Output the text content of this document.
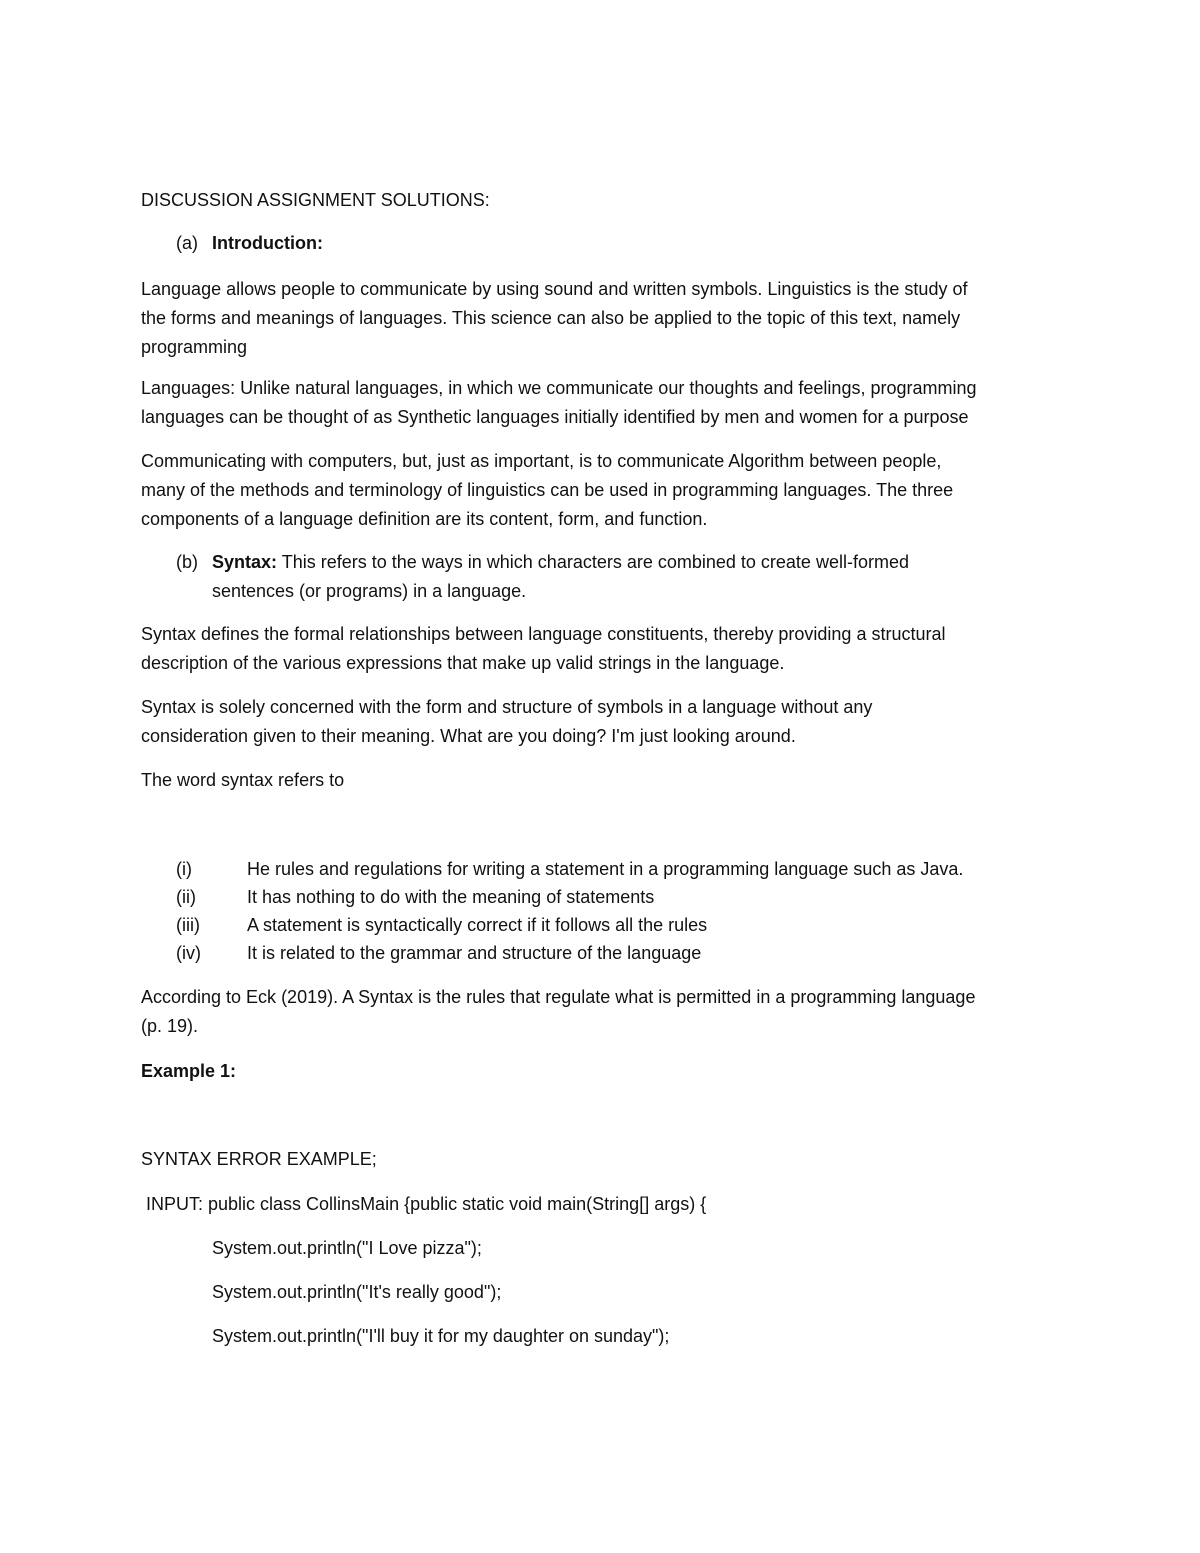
DISCUSSION ASSIGNMENT SOLUTIONS:
(a) Introduction:
Language allows people to communicate by using sound and written symbols. Linguistics is the study of
the forms and meanings of languages. This science can also be applied to the topic of this text, namely
programming
Languages: Unlike natural languages, in which we communicate our thoughts and feelings, programming
languages can be thought of as Synthetic languages initially identified by men and women for a purpose
Communicating with computers, but, just as important, is to communicate Algorithm between people,
many of the methods and terminology of linguistics can be used in programming languages. The three
components of a language definition are its content, form, and function.
(b) Syntax: This refers to the ways in which characters are combined to create well-formed
sentences (or programs) in a language.
Syntax defines the formal relationships between language constituents, thereby providing a structural
description of the various expressions that make up valid strings in the language.
Syntax is solely concerned with the form and structure of symbols in a language without any
consideration given to their meaning. What are you doing? I'm just looking around.
The word syntax refers to
(i)	He rules and regulations for writing a statement in a programming language such as Java.
(ii)	It has nothing to do with the meaning of statements
(iii)	A statement is syntactically correct if it follows all the rules
(iv)	It is related to the grammar and structure of the language
According to Eck (2019). A Syntax is the rules that regulate what is permitted in a programming language
(p. 19).
Example 1:
SYNTAX ERROR EXAMPLE;
INPUT: public class CollinsMain {public static void main(String[] args) {
System.out.println("I Love pizza");
System.out.println("It's really good");
System.out.println("I'll buy it for my daughter on sunday");
